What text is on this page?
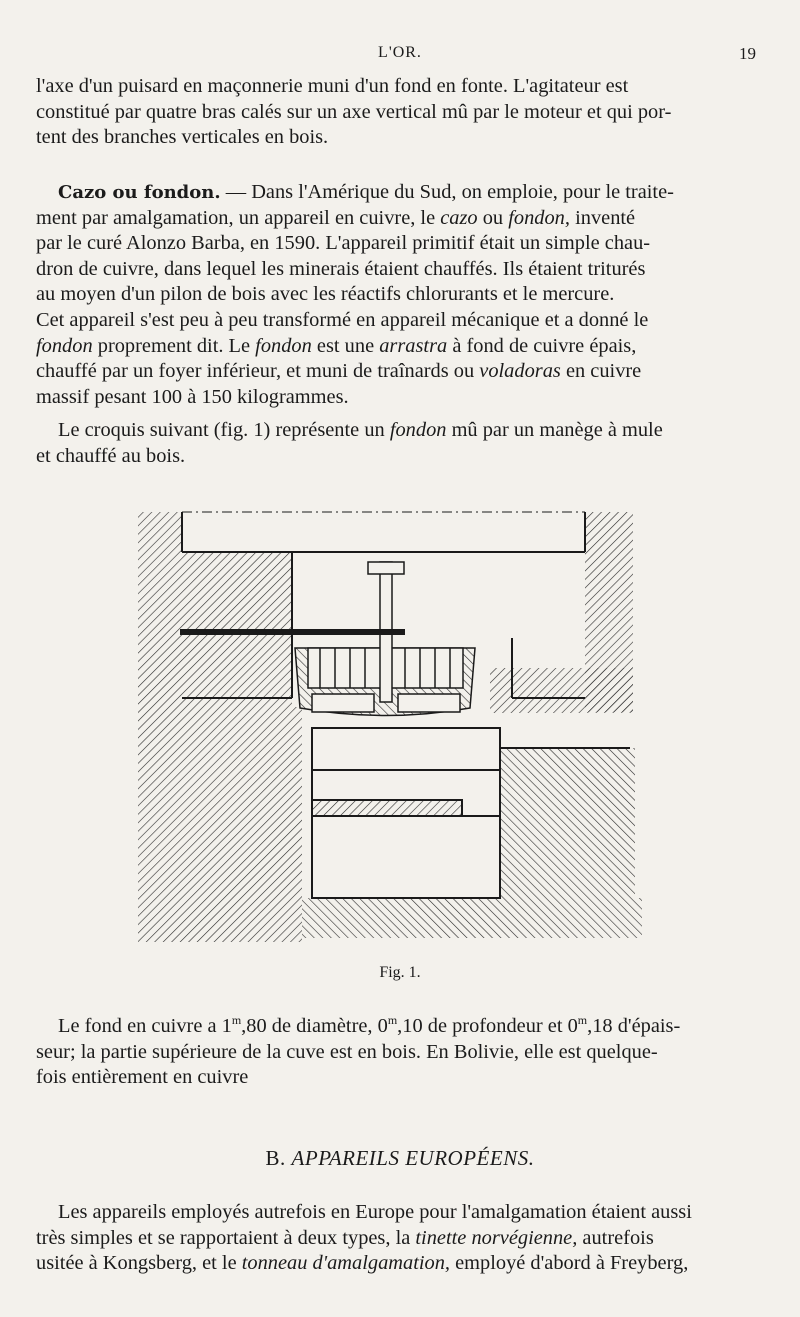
L'OR.	19

l'axe d'un puisard en maçonnerie muni d'un fond en fonte. L'agitateur est

constitué par quatre bras calés sur un axe vertical mû par le moteur et qui por-

tent des branches verticales en bois.

Cazo ou fondon. — Dans l'Amérique du Sud, on emploie, pour le traite-

ment par amalgamation, un appareil en cuivre, le cazo ou fondon, inventé

par le curé Alonzo Barba, en 1590. L'appareil primitif était un simple chau-

dron de cuivre, dans lequel les minerais étaient chauffés. Ils étaient triturés

au moyen d'un pilon de bois avec les réactifs chlorurants et le mercure.

Cet appareil s'est peu à peu transformé en appareil mécanique et a donné le

fondon proprement dit. Le fondon est une arrastra à fond de cuivre épais,

chauffé par un foyer inférieur, et muni de traînards ou voladoras en cuivre

massif pesant 100 à 150 kilogrammes.

Le croquis suivant (fig. 1) représente un fondon mû par un manège à mule

et chauffé au bois.

Fig. 1.

Le fond en cuivre a 1$^m$,80 de diamètre, 0$^m$,10 de profondeur et 0$^m$,18 d'épais-

seur; la partie supérieure de la cuve est en bois. En Bolivie, elle est quelque-

fois entièrement en cuivre

B. APPAREILS EUROPÉENS.

Les appareils employés autrefois en Europe pour l'amalgamation étaient aussi

très simples et se rapportaient à deux types, la tinette norvégienne, autrefois

usitée à Kongsberg, et le tonneau d'amalgamation, employé d'abord à Freyberg,
